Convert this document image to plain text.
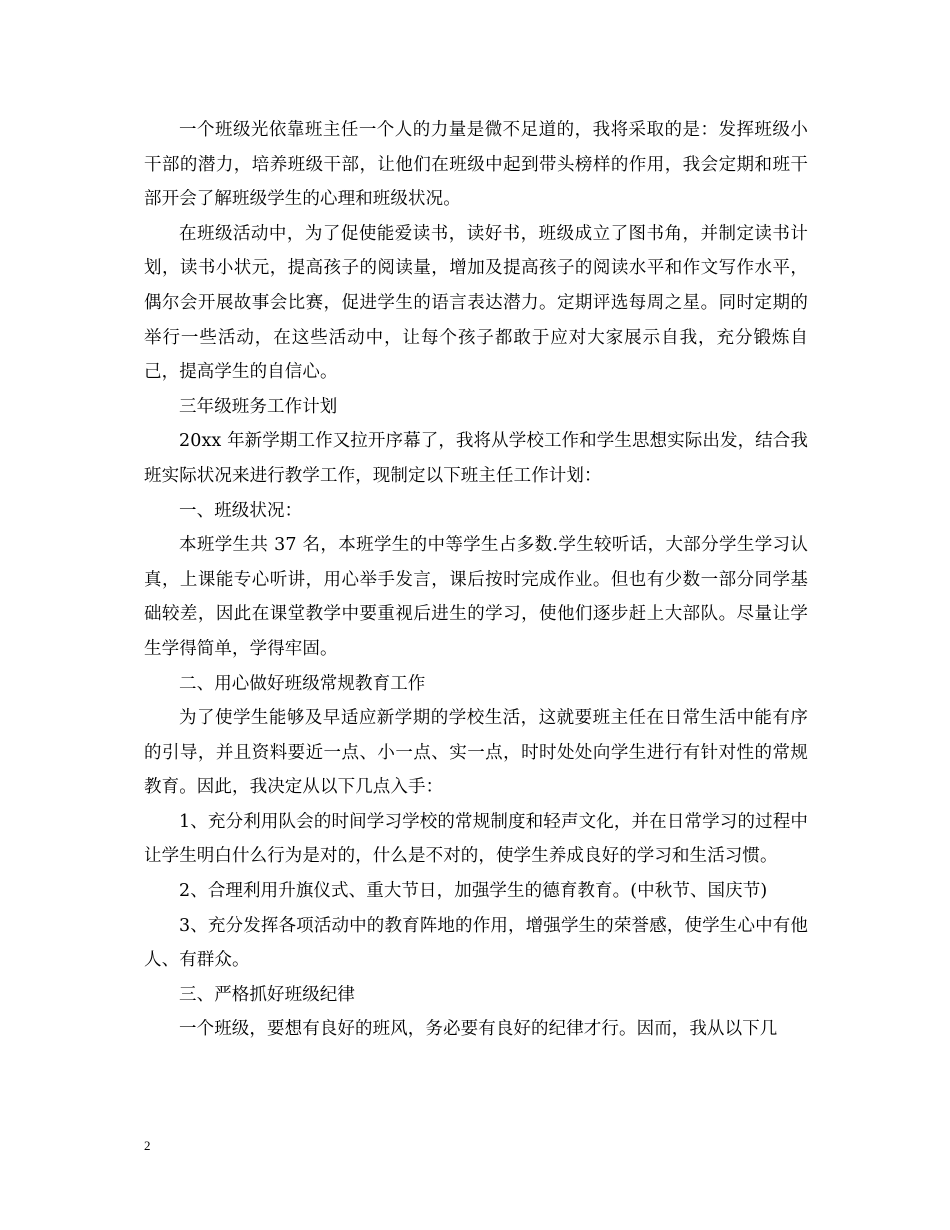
一个班级光依靠班主任一个人的力量是微不足道的，我将采取的是：发挥班级小干部的潜力，培养班级干部，让他们在班级中起到带头榜样的作用，我会定期和班干部开会了解班级学生的心理和班级状况。

在班级活动中，为了促使能爱读书，读好书，班级成立了图书角，并制定读书计划，读书小状元，提高孩子的阅读量，增加及提高孩子的阅读水平和作文写作水平，偶尔会开展故事会比赛，促进学生的语言表达潜力。定期评选每周之星。同时定期的举行一些活动，在这些活动中，让每个孩子都敢于应对大家展示自我，充分锻炼自己，提高学生的自信心。

三年级班务工作计划

20xx 年新学期工作又拉开序幕了，我将从学校工作和学生思想实际出发，结合我班实际状况来进行教学工作，现制定以下班主任工作计划：

一、班级状况：

本班学生共 37 名，本班学生的中等学生占多数.学生较听话，大部分学生学习认真，上课能专心听讲，用心举手发言，课后按时完成作业。但也有少数一部分同学基础较差，因此在课堂教学中要重视后进生的学习，使他们逐步赶上大部队。尽量让学生学得简单，学得牢固。

二、用心做好班级常规教育工作

为了使学生能够及早适应新学期的学校生活，这就要班主任在日常生活中能有序的引导，并且资料要近一点、小一点、实一点，时时处处向学生进行有针对性的常规教育。因此，我决定从以下几点入手：

1、充分利用队会的时间学习学校的常规制度和轻声文化，并在日常学习的过程中让学生明白什么行为是对的，什么是不对的，使学生养成良好的学习和生活习惯。

2、合理利用升旗仪式、重大节日，加强学生的德育教育。(中秋节、国庆节)

3、充分发挥各项活动中的教育阵地的作用，增强学生的荣誉感，使学生心中有他人、有群众。

三、严格抓好班级纪律

一个班级，要想有良好的班风，务必要有良好的纪律才行。因而，我从以下几

2
